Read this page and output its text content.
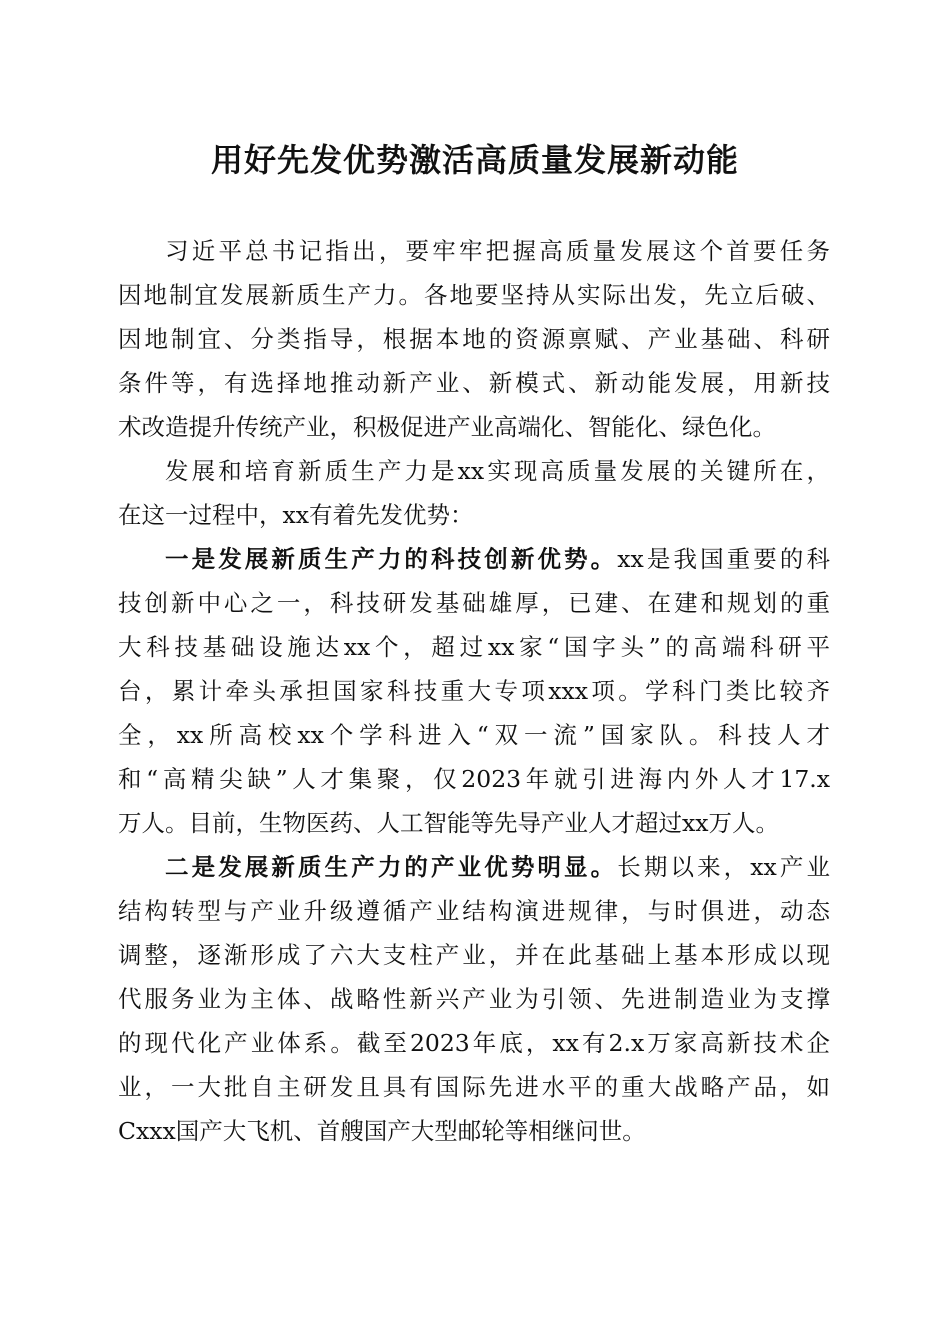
用好先发优势激活高质量发展新动能
习近平总书记指出，要牢牢把握高质量发展这个首要任务
因地制宜发展新质生产力。各地要坚持从实际出发，先立后破、
因地制宜、分类指导，根据本地的资源禀赋、产业基础、科研
条件等，有选择地推动新产业、新模式、新动能发展，用新技
术改造提升传统产业，积极促进产业高端化、智能化、绿色化。
发展和培育新质生产力是xx实现高质量发展的关键所在，
在这一过程中，xx有着先发优势：
一是发展新质生产力的科技创新优势。xx是我国重要的科
技创新中心之一，科技研发基础雄厚，已建、在建和规划的重
大科技基础设施达xx个，超过xx家“国字头”的高端科研平
台，累计牵头承担国家科技重大专项xxx项。学科门类比较齐
全，xx所高校xx个学科进入“双一流”国家队。科技人才
和“高精尖缺”人才集聚，仅2023年就引进海内外人才17.x
万人。目前，生物医药、人工智能等先导产业人才超过xx万人。
二是发展新质生产力的产业优势明显。长期以来，xx产业
结构转型与产业升级遵循产业结构演进规律，与时俱进，动态
调整，逐渐形成了六大支柱产业，并在此基础上基本形成以现
代服务业为主体、战略性新兴产业为引领、先进制造业为支撑
的现代化产业体系。截至2023年底，xx有2.x万家高新技术企
业，一大批自主研发且具有国际先进水平的重大战略产品，如
Cxxx国产大飞机、首艘国产大型邮轮等相继问世。
